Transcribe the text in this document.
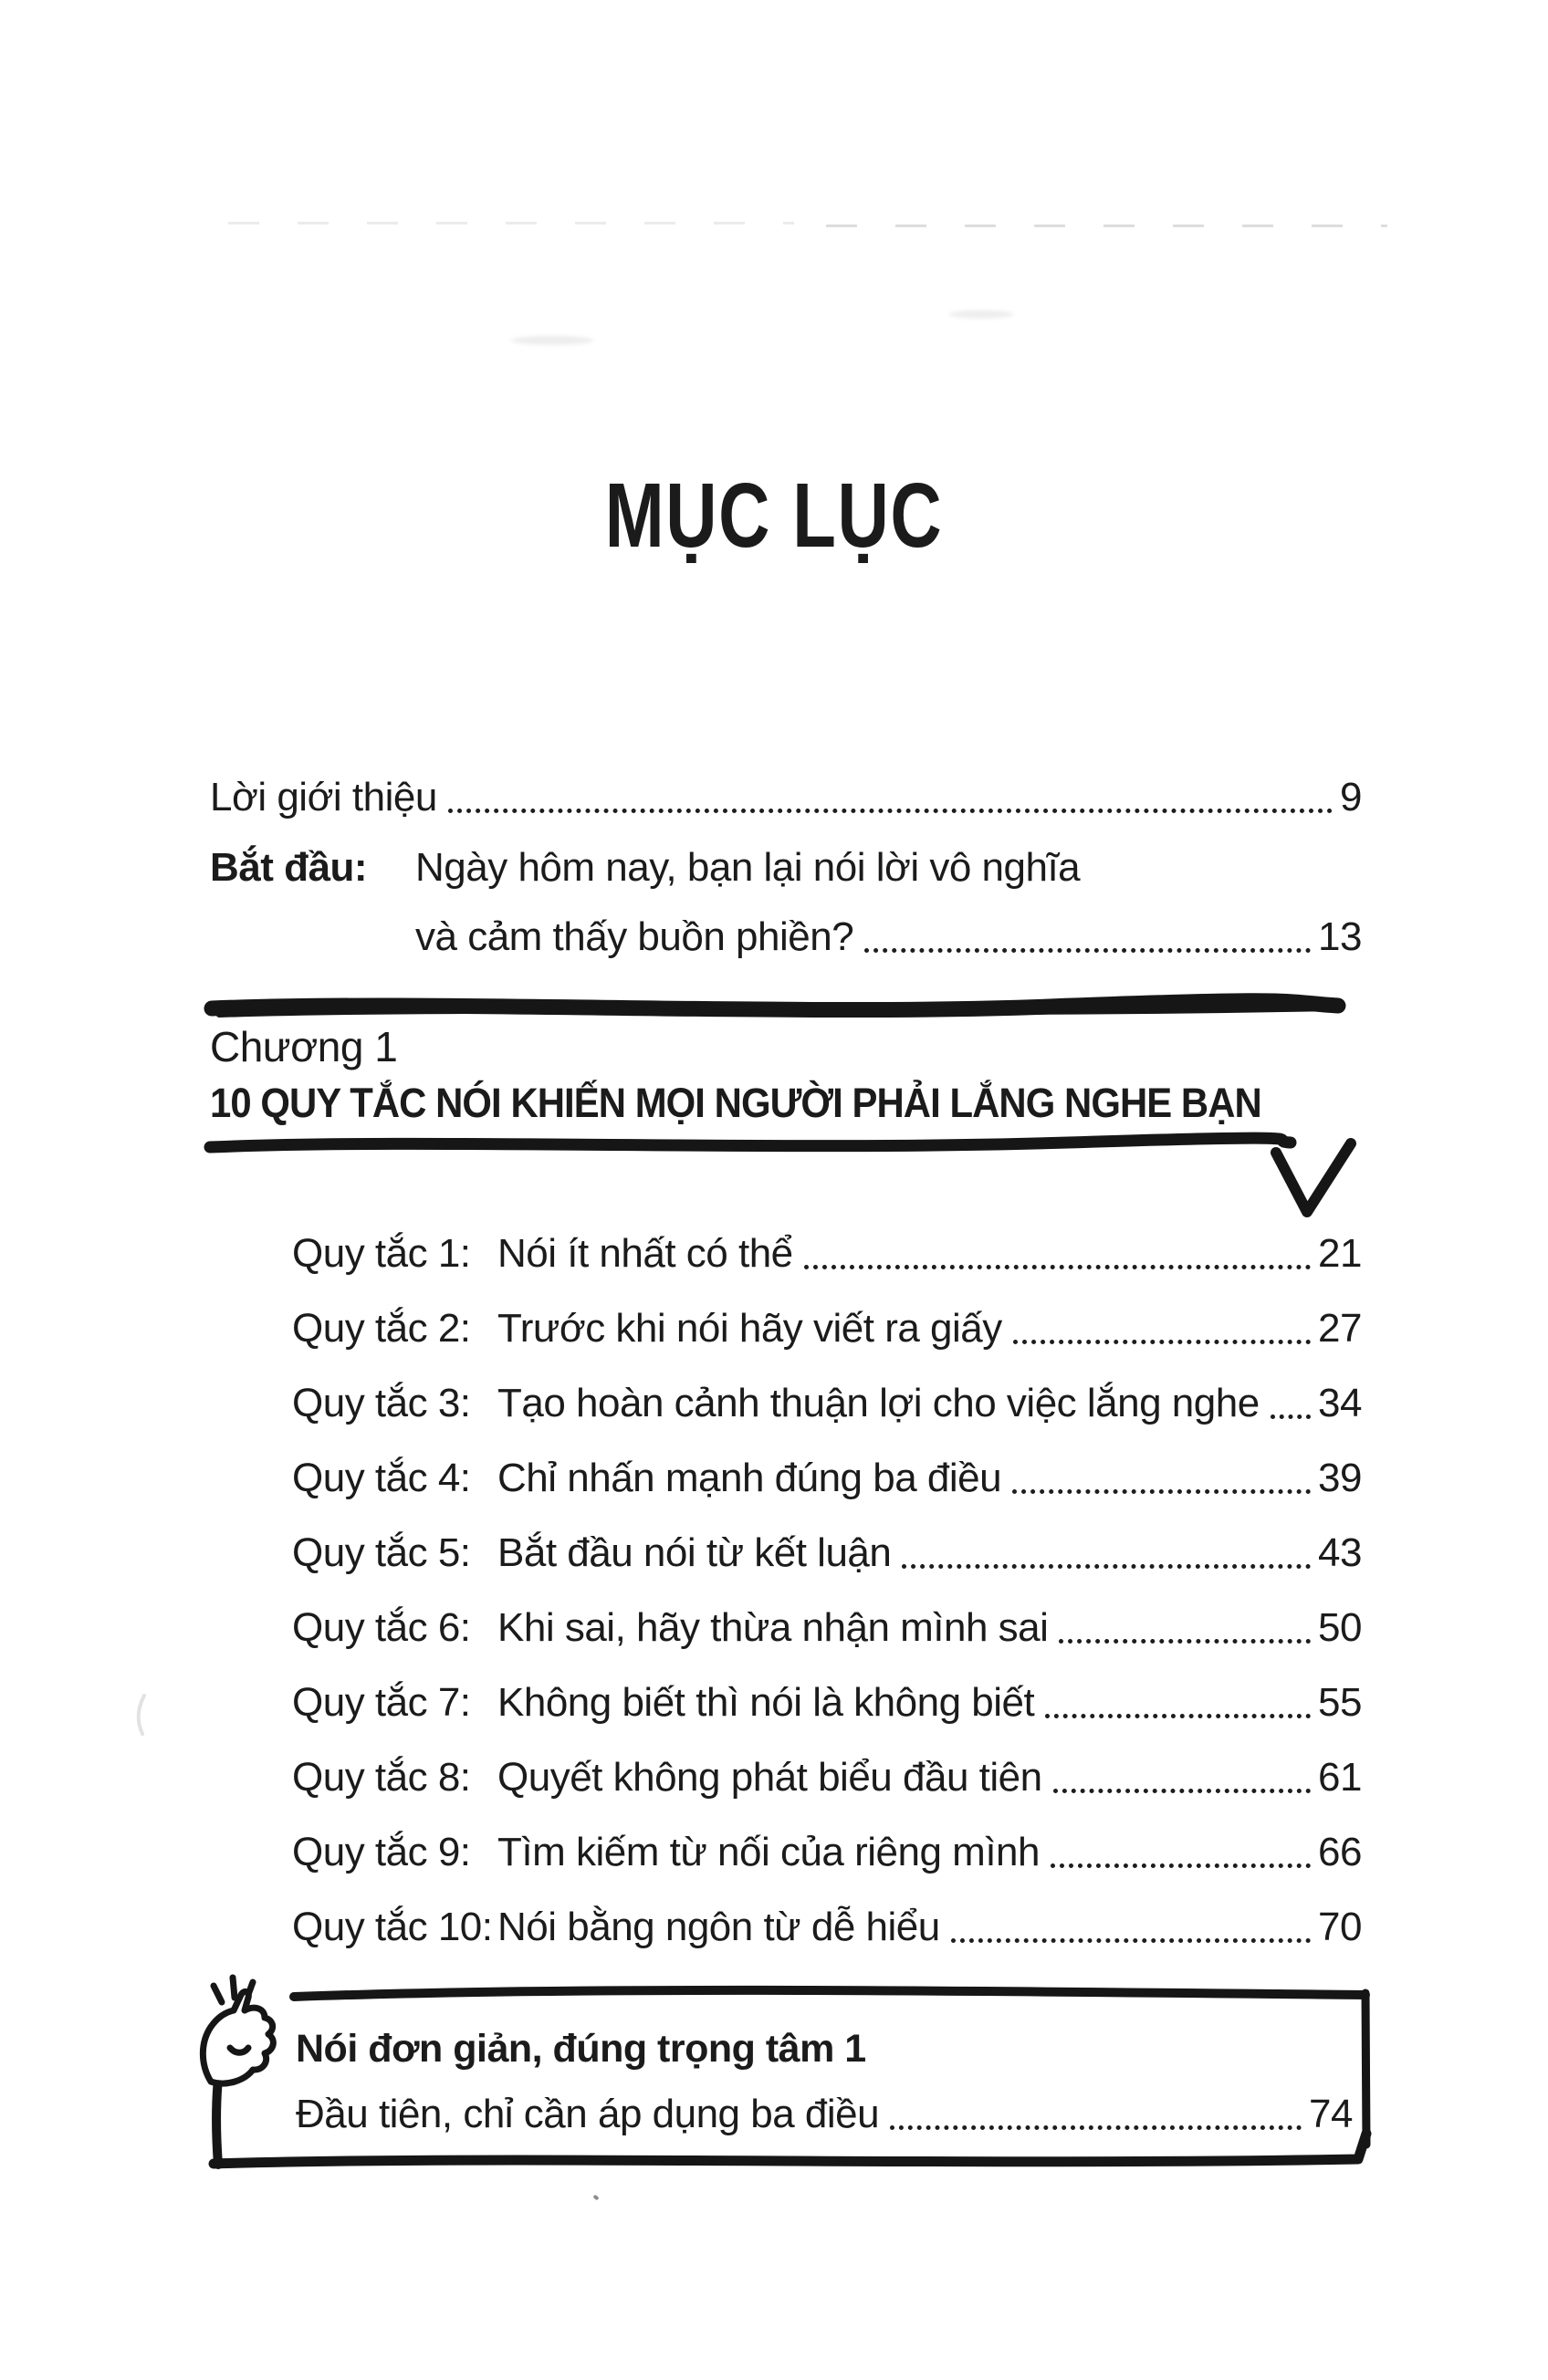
MỤC LỤC
Lời giới thiệu	9
Bắt đầu:	Ngày hôm nay, bạn lại nói lời vô nghĩa
và cảm thấy buồn phiền?	13
Chương 1
10 QUY TẮC NÓI KHIẾN MỌI NGƯỜI PHẢI LẮNG NGHE BẠN
Quy tắc 1: Nói ít nhất có thể	21
Quy tắc 2: Trước khi nói hãy viết ra giấy	27
Quy tắc 3: Tạo hoàn cảnh thuận lợi cho việc lắng nghe 34
Quy tắc 4: Chỉ nhấn mạnh đúng ba điều	39
Quy tắc 5: Bắt đầu nói từ kết luận	43
Quy tắc 6: Khi sai, hãy thừa nhận mình sai	50
Quy tắc 7: Không biết thì nói là không biết	55
Quy tắc 8: Quyết không phát biểu đầu tiên	61
Quy tắc 9: Tìm kiếm từ nối của riêng mình	66
Quy tắc 10: Nói bằng ngôn từ dễ hiểu	70
Nói đơn giản, đúng trọng tâm 1
Đầu tiên, chỉ cần áp dụng ba điều	74
